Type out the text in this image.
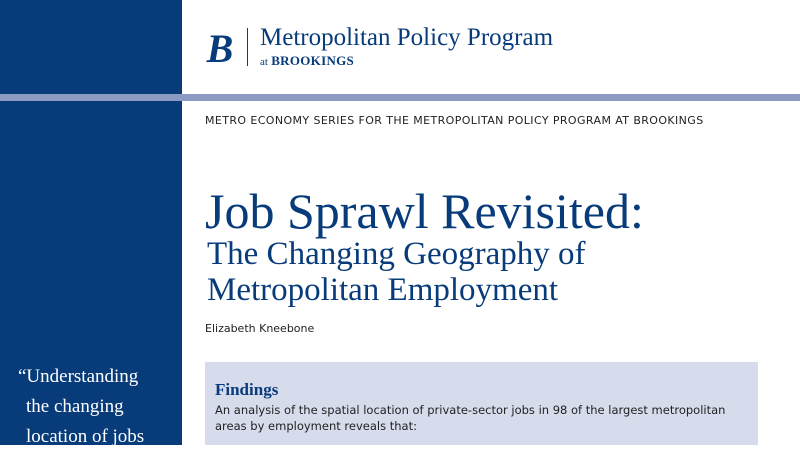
“Understanding
the changing
location of jobs
B Metropolitan Policy Program
at BROOKINGS
METRO ECONOMY SERIES FOR THE METROPOLITAN POLICY PROGRAM AT BROOKINGS
Job Sprawl Revisited:
The Changing Geography of
Metropolitan Employment
Elizabeth Kneebone
Findings
An analysis of the spatial location of private-sector jobs in 98 of the largest metropolitan areas by employment reveals that:
